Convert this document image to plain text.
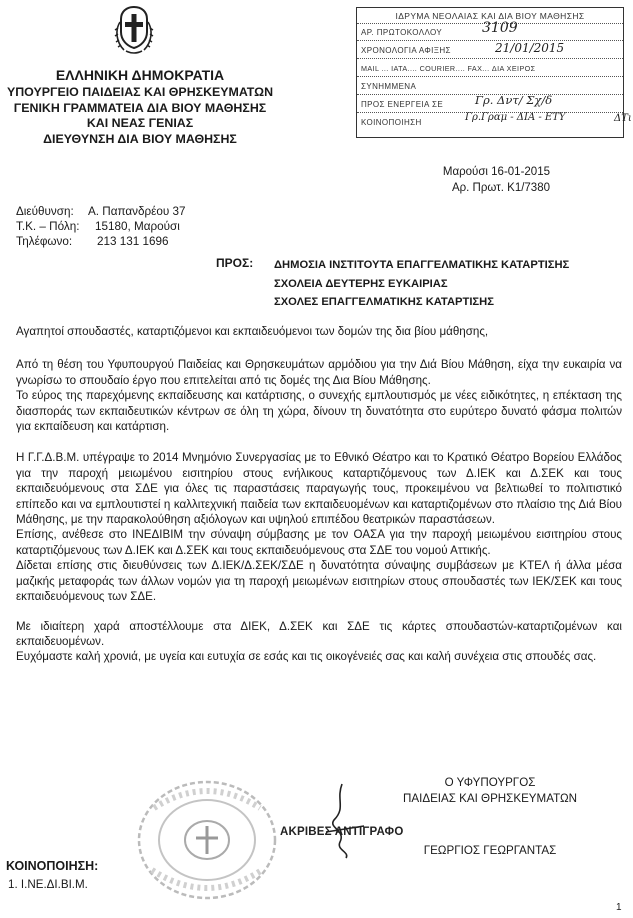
ΕΛΛΗΝΙΚΗ ΔΗΜΟΚΡΑΤΙΑ
ΥΠΟΥΡΓΕΙΟ ΠΑΙΔΕΙΑΣ ΚΑΙ ΘΡΗΣΚΕΥΜΑΤΩΝ
ΓΕΝΙΚΗ ΓΡΑΜΜΑΤΕΙΑ ΔΙΑ ΒΙΟΥ ΜΑΘΗΣΗΣ
ΚΑΙ ΝΕΑΣ ΓΕΝΙΑΣ
ΔΙΕΥΘΥΝΣΗ ΔΙΑ ΒΙΟΥ ΜΑΘΗΣΗΣ
ΙΔΡΥΜΑ ΝΕΟΛΑΙΑΣ ΚΑΙ ΔΙΑ ΒΙΟΥ ΜΑΘΗΣΗΣ
ΑΡ. ΠΡΩΤΟΚΟΛΛΟΥ
ΧΡΟΝΟΛΟΓΙΑ ΑΦΙΞΗΣ
MAIL ... ΙΑΤΑ.... COURIER.... FAX... ΔΙΑ ΧΕΙΡΟΣ
ΣΥΝΗΜΜΕΝΑ
ΠΡΟΣ ΕΝΕΡΓΕΙΑ ΣΕ
ΚΟΙΝΟΠΟΙΗΣΗ
3109
21/01/2015
Γρ. Δντ/ Σχ/δ
Γρ.Γραμ - ΔΙΑ - ΕΤΥ	ΔΤι
Μαρούσι 16-01-2015
Αρ. Πρωτ. Κ1/7380
Διεύθυνση: Α. Παπανδρέου 37
Τ.Κ. – Πόλη: 15180, Μαρούσι
Τηλέφωνο: 213 131 1696
ΠΡΟΣ: ΔΗΜΟΣΙΑ ΙΝΣΤΙΤΟΥΤΑ ΕΠΑΓΓΕΛΜΑΤΙΚΗΣ ΚΑΤΑΡΤΙΣΗΣ
ΣΧΟΛΕΙΑ ΔΕΥΤΕΡΗΣ ΕΥΚΑΙΡΙΑΣ
ΣΧΟΛΕΣ ΕΠΑΓΓΕΛΜΑΤΙΚΗΣ ΚΑΤΑΡΤΙΣΗΣ

Αγαπητοί σπουδαστές, καταρτιζόμενοι και εκπαιδευόμενοι των δομών της δια βίου μάθησης,

Από τη θέση του Υφυπουργού Παιδείας και Θρησκευμάτων αρμόδιου για την Διά Βίου Μάθηση, είχα την ευκαιρία να γνωρίσω το σπουδαίο έργο που επιτελείται από τις δομές της Δια Βίου Μάθησης.

Το εύρος της παρεχόμενης εκπαίδευσης και κατάρτισης, ο συνεχής εμπλουτισμός με νέες ειδικότητες, η επέκταση της διασποράς των εκπαιδευτικών κέντρων σε όλη τη χώρα, δίνουν τη δυνατότητα στο ευρύτερο δυνατό φάσμα πολιτών για εκπαίδευση και κατάρτιση.

Η Γ.Γ.Δ.Β.Μ. υπέγραψε το 2014 Μνημόνιο Συνεργασίας με το Εθνικό Θέατρο και το Κρατικό Θέατρο Βορείου Ελλάδος για την παροχή μειωμένου εισιτηρίου στους ενήλικους καταρτιζόμενους των Δ.ΙΕΚ και Δ.ΣΕΚ και τους εκπαιδευόμενους στα ΣΔΕ για όλες τις παραστάσεις παραγωγής τους, προκειμένου να βελτιωθεί το πολιτιστικό επίπεδο και να εμπλουτιστεί η καλλιτεχνική παιδεία των εκπαιδευομένων και καταρτιζομένων στο πλαίσιο της Διά Βίου Μάθησης, με την παρακολούθηση αξιόλογων και υψηλού επιπέδου θεατρικών παραστάσεων.

Επίσης, ανέθεσε στο ΙΝΕΔΙΒΙΜ την σύναψη σύμβασης με τον ΟΑΣΑ για την παροχή μειωμένου εισιτηρίου στους καταρτιζόμενους των Δ.ΙΕΚ και Δ.ΣΕΚ και τους εκπαιδευόμενους στα ΣΔΕ του νομού Αττικής.

Δίδεται επίσης στις διευθύνσεις των Δ.ΙΕΚ/Δ.ΣΕΚ/ΣΔΕ η δυνατότητα σύναψης συμβάσεων με ΚΤΕΛ ή άλλα μέσα μαζικής μεταφοράς των άλλων νομών για τη παροχή μειωμένων εισιτηρίων στους σπουδαστές των ΙΕΚ/ΣΕΚ και τους εκπαιδευόμενους των ΣΔΕ.

Με ιδιαίτερη χαρά αποστέλλουμε στα ΔΙΕΚ, Δ.ΣΕΚ και ΣΔΕ τις κάρτες σπουδαστών-καταρτιζομένων και εκπαιδευομένων.

Ευχόμαστε καλή χρονιά, με υγεία και ευτυχία σε εσάς και τις οικογένειές σας και καλή συνέχεια στις σπουδές σας.

Ο ΥΦΥΠΟΥΡΓΟΣ
ΠΑΙΔΕΙΑΣ ΚΑΙ ΘΡΗΣΚΕΥΜΑΤΩΝ
ΑΚΡΙΒΕΣ ΑΝΤΙΓΡΑΦΟ
ΓΕΩΡΓΙΟΣ ΓΕΩΡΓΑΝΤΑΣ
ΚΟΙΝΟΠΟΙΗΣΗ:
1. Ι.ΝΕ.ΔΙ.ΒΙ.Μ.
1
